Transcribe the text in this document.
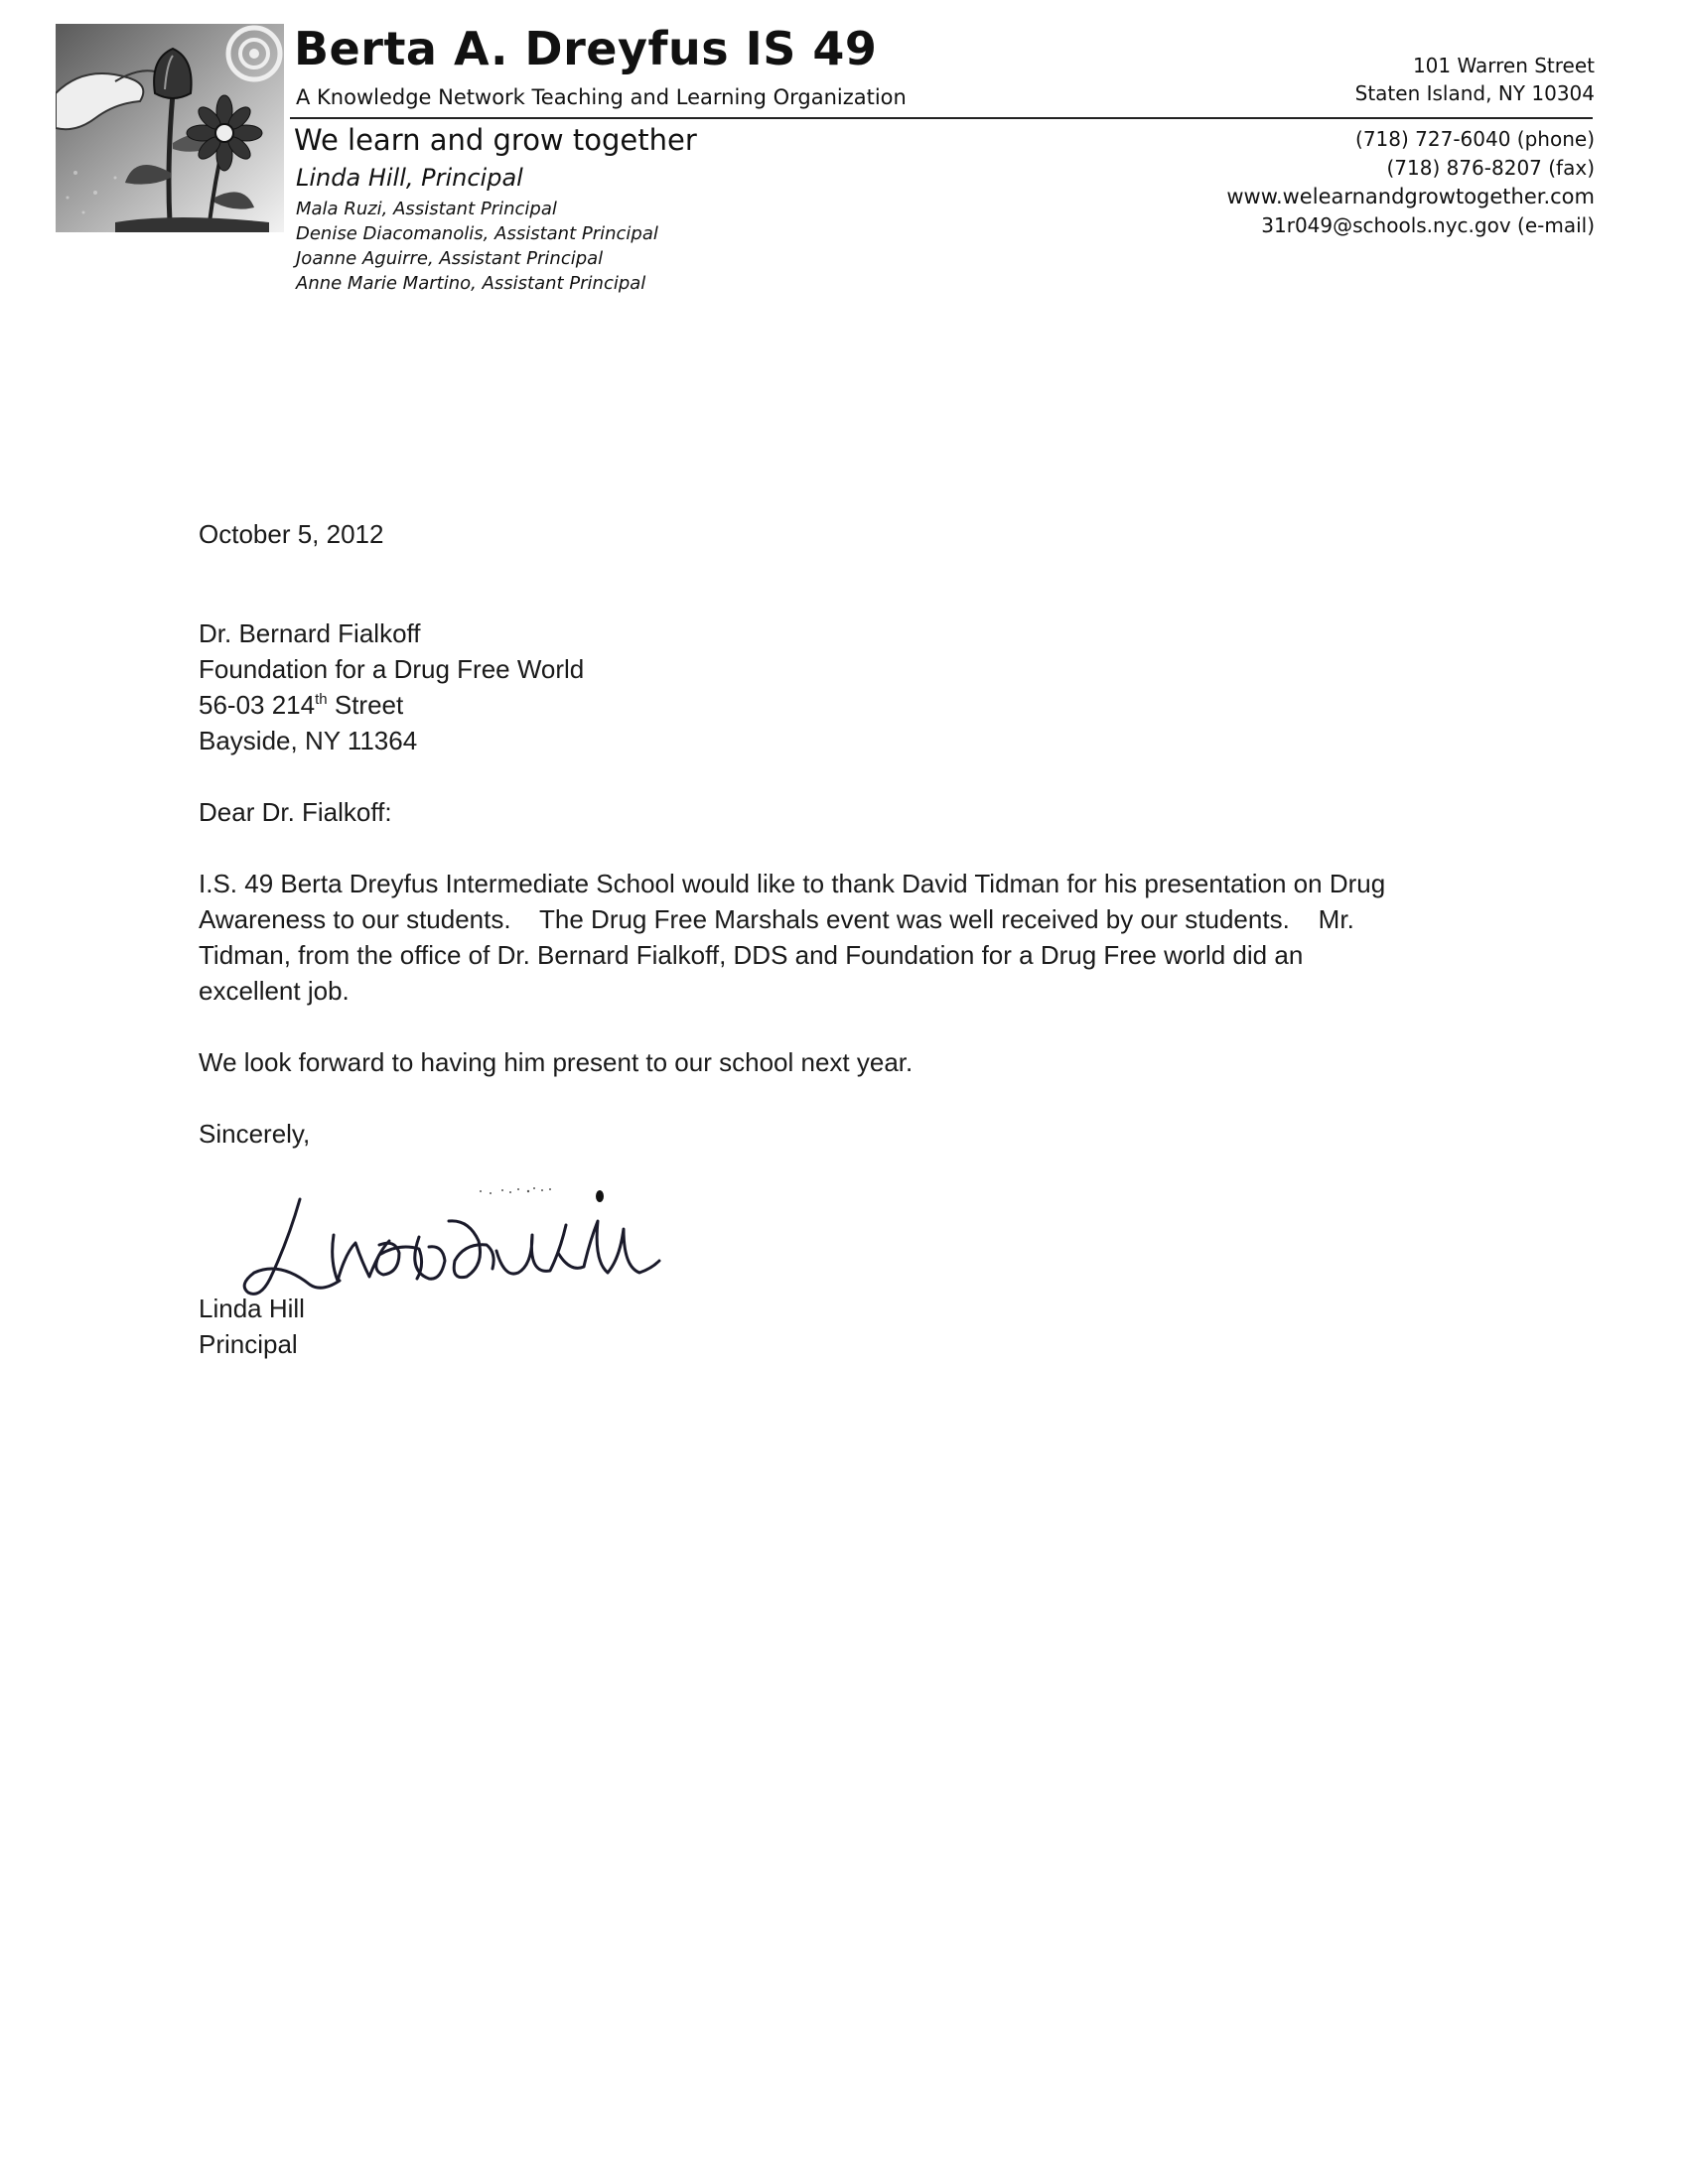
Berta A. Dreyfus IS 49
A Knowledge Network Teaching and Learning Organization
We learn and grow together
Linda Hill, Principal
Mala Ruzi, Assistant Principal
Denise Diacomanolis, Assistant Principal
Joanne Aguirre, Assistant Principal
Anne Marie Martino, Assistant Principal
101 Warren Street
Staten Island, NY 10304
(718) 727-6040 (phone)
(718) 876-8207 (fax)
www.welearnandgrowtogether.com
31r049@schools.nyc.gov (e-mail)
October 5, 2012
Dr. Bernard Fialkoff
Foundation for a Drug Free World
56-03 214th Street
Bayside, NY 11364
Dear Dr. Fialkoff:
I.S. 49 Berta Dreyfus Intermediate School would like to thank David Tidman for his presentation on Drug
Awareness to our students.    The Drug Free Marshals event was well received by our students.    Mr.
Tidman, from the office of Dr. Bernard Fialkoff, DDS and Foundation for a Drug Free world did an
excellent job.
We look forward to having him present to our school next year.
Sincerely,
Linda Hill
Principal
